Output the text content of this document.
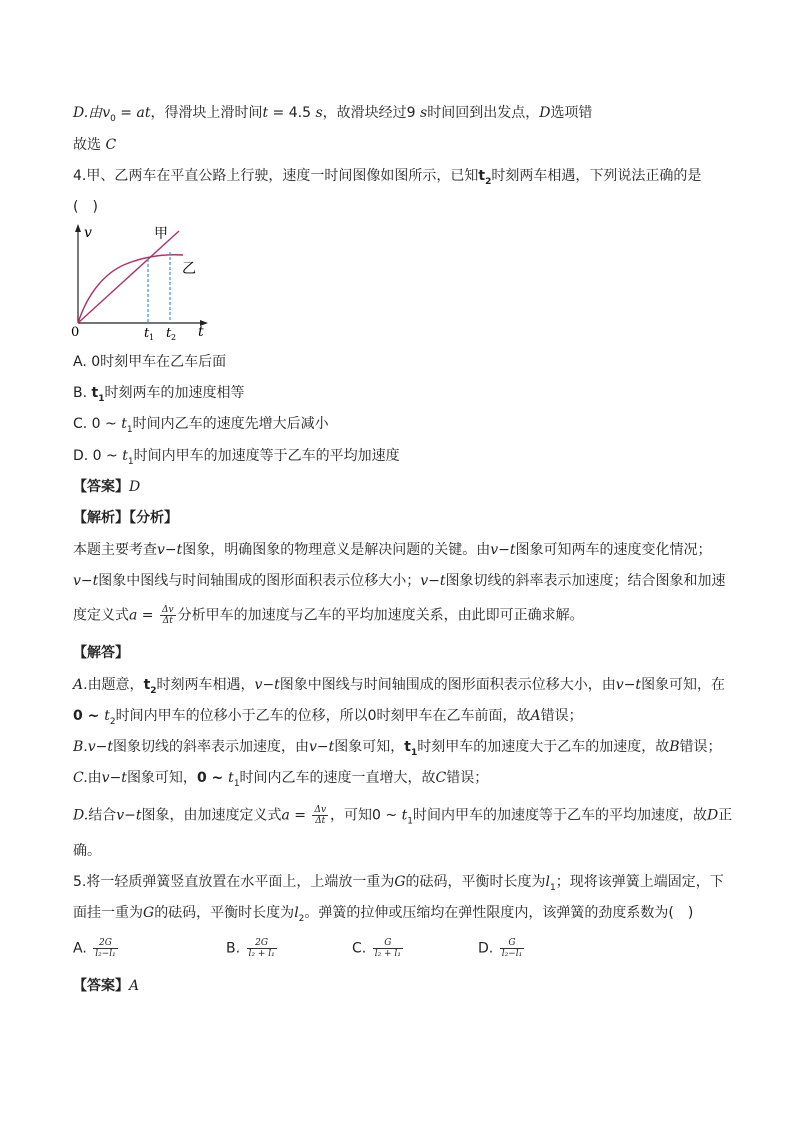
D.由$v_0$ = at，得滑块上滑时间t = 4.5 s，故滑块经过9 s时间回到出发点，D选项错
故选 C
4.甲、乙两车在平直公路上行驶，速度一时间图像如图所示，已知$t_2$时刻两车相遇，下列说法正确的是
(　)
v
t
0
甲
乙
t 1 t 2
A. 0时刻甲车在乙车后面
B. $t_1$时刻两车的加速度相等
C. 0 ~ $t_1$时间内乙车的速度先增大后减小
D. 0 ~ $t_1$时间内甲车的加速度等于乙车的平均加速度
【答案】D
【解析】【分析】
本题主要考查v−t图象，明确图象的物理意义是解决问题的关键。由v−t图象可知两车的速度变化情况；
v−t图象中图线与时间轴围成的图形面积表示位移大小；v−t图象切线的斜率表示加速度；结合图象和加速
度定义式$a = \frac{\Delta v}{\Delta t}$ 分析甲车的加速度与乙车的平均加速度关系，由此即可正确求解。
【解答】
A.由题意，$t_2$时刻两车相遇，v−t图象中图线与时间轴围成的图形面积表示位移大小，由v−t图象可知，在
0 ~ $t_2$时间内甲车的位移小于乙车的位移，所以0时刻甲车在乙车前面，故A错误；
B.v−t图象切线的斜率表示加速度，由v−t图象可知，$t_1$时刻甲车的加速度大于乙车的加速度，故B错误；
C.由v−t图象可知，0 ~ $t_1$时间内乙车的速度一直增大，故C错误；
D.结合v−t图象，由加速度定义式$a = \frac{\Delta v}{\Delta t}$ ，可知0 ~ $t_1$时间内甲车的加速度等于乙车的平均加速度，故D正
确。
5.将一轻质弹簧竖直放置在水平面上，上端放一重为G的砝码，平衡时长度为$l_1$；现将该弹簧上端固定，下
面挂一重为G的砝码，平衡时长度为$l_2$。弹簧的拉伸或压缩均在弹性限度内，该弹簧的劲度系数为(　)
A. $\frac{2G}{\text{l₂−l₁}}$	B. $\frac{2G}{\text{l₂ + l₁}}$	C. $\frac{G}{\text{l₂ + l₁}}$	D. $\frac{G}{\text{l₂−l₁}}$
【答案】A
